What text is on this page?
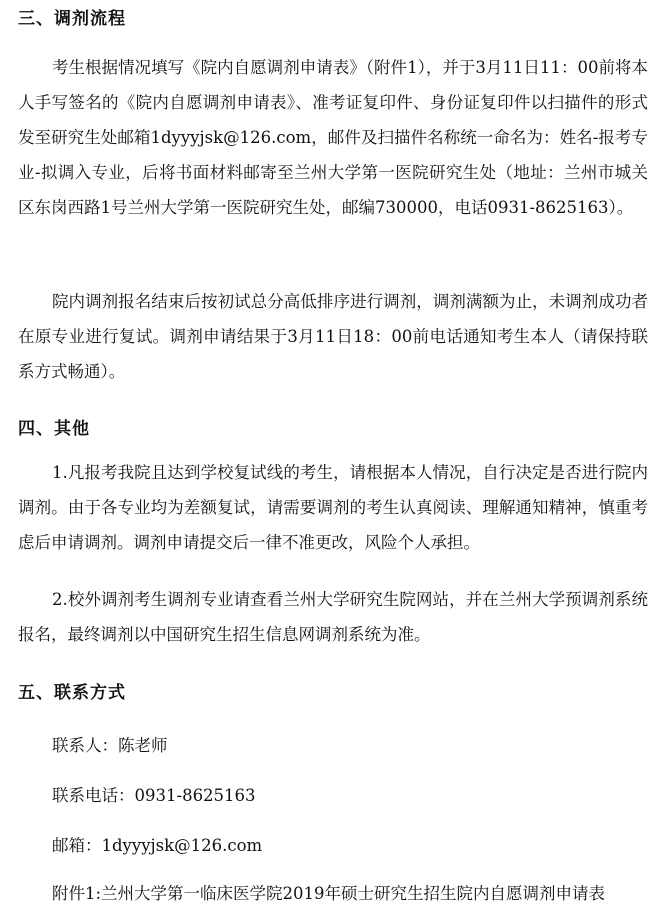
三、调剂流程

考生根据情况填写《院内自愿调剂申请表》（附件1），并于3月11日11：00前将本人手写签名的《院内自愿调剂申请表》、准考证复印件、身份证复印件以扫描件的形式发至研究生处邮箱1dyyyjsk@126.com，邮件及扫描件名称统一命名为：姓名-报考专业-拟调入专业，后将书面材料邮寄至兰州大学第一医院研究生处（地址：兰州市城关区东岗西路1号兰州大学第一医院研究生处，邮编730000，电话0931-8625163）。

院内调剂报名结束后按初试总分高低排序进行调剂，调剂满额为止，未调剂成功者在原专业进行复试。调剂申请结果于3月11日18：00前电话通知考生本人（请保持联系方式畅通）。

四、其他

1.凡报考我院且达到学校复试线的考生，请根据本人情况，自行决定是否进行院内调剂。由于各专业均为差额复试，请需要调剂的考生认真阅读、理解通知精神，慎重考虑后申请调剂。调剂申请提交后一律不准更改，风险个人承担。

2.校外调剂考生调剂专业请查看兰州大学研究生院网站，并在兰州大学预调剂系统报名，最终调剂以中国研究生招生信息网调剂系统为准。

五、联系方式

联系人：陈老师

联系电话：0931-8625163

邮箱：1dyyyjsk@126.com

附件1:兰州大学第一临床医学院2019年硕士研究生招生院内自愿调剂申请表
